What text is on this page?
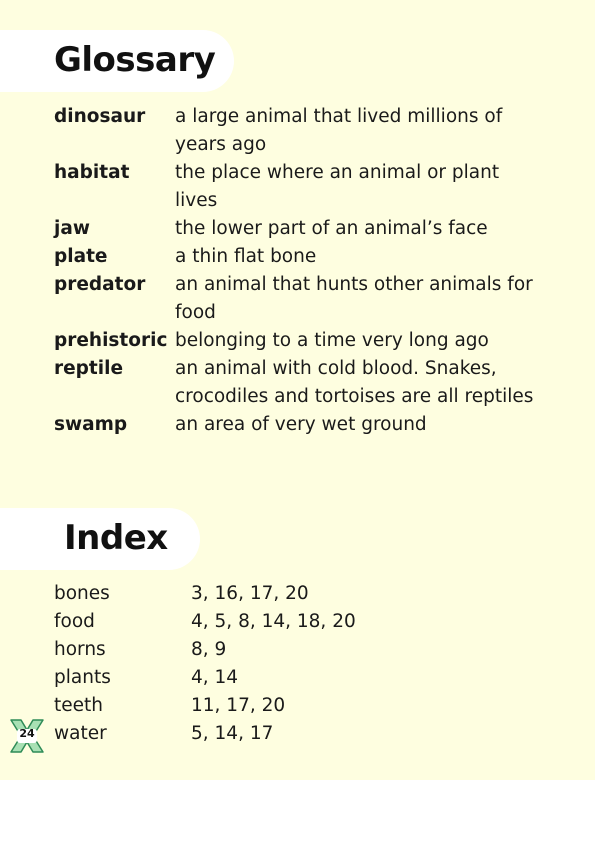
Glossary
dinosaur	a large animal that lived millions of years ago
habitat	the place where an animal or plant lives
jaw	the lower part of an animal’s face
plate	a thin flat bone
predator	an animal that hunts other animals for food
prehistoric belonging to a time very long ago
reptile	an animal with cold blood. Snakes, crocodiles and tortoises are all reptiles
swamp	an area of very wet ground
Index
bones	3, 16, 17, 20
food	4, 5, 8, 14, 18, 20
horns	8, 9
plants	4, 14
teeth	11, 17, 20
water	5, 14, 17
24
